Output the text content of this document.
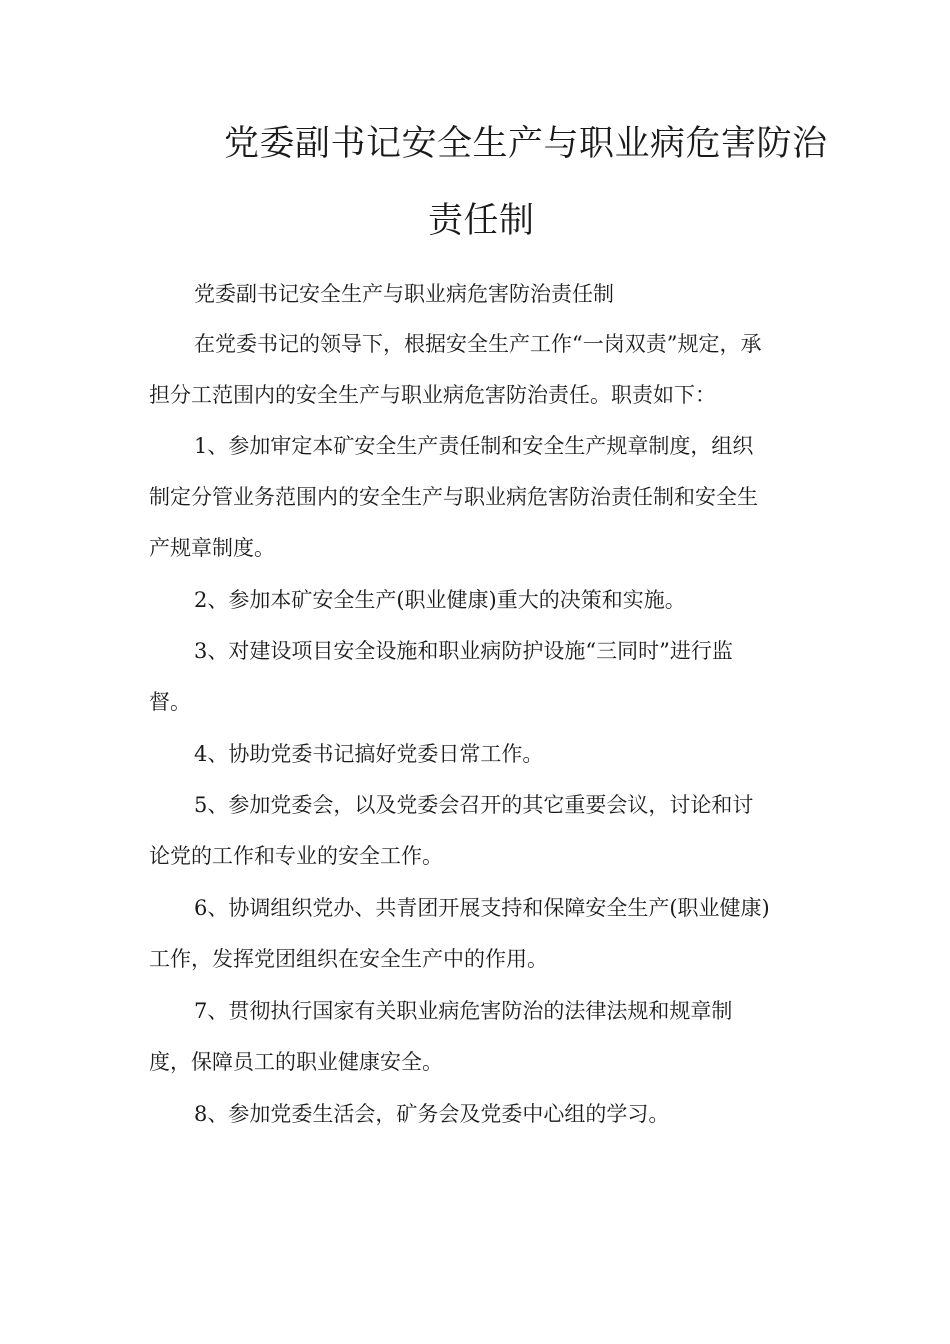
党委副书记安全生产与职业病危害防治
责任制
党委副书记安全生产与职业病危害防治责任制
在党委书记的领导下，根据安全生产工作“一岗双责”规定，承
担分工范围内的安全生产与职业病危害防治责任。职责如下：
1、参加审定本矿安全生产责任制和安全生产规章制度，组织
制定分管业务范围内的安全生产与职业病危害防治责任制和安全生
产规章制度。
2、参加本矿安全生产(职业健康)重大的决策和实施。
3、对建设项目安全设施和职业病防护设施“三同时”进行监
督。
4、协助党委书记搞好党委日常工作。
5、参加党委会，以及党委会召开的其它重要会议，讨论和讨
论党的工作和专业的安全工作。
6、协调组织党办、共青团开展支持和保障安全生产(职业健康)
工作，发挥党团组织在安全生产中的作用。
7、贯彻执行国家有关职业病危害防治的法律法规和规章制
度，保障员工的职业健康安全。
8、参加党委生活会，矿务会及党委中心组的学习。
